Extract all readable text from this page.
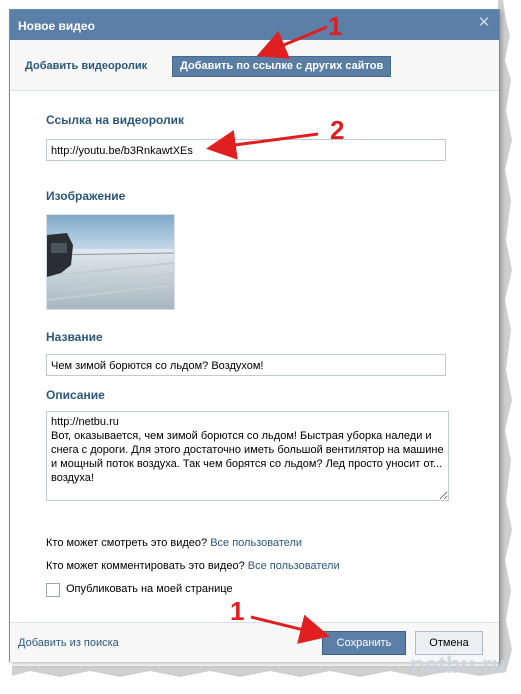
Новое видео	✕
Добавить видеоролик	Добавить по ссылке с других сайтов
Ссылка на видеоролик
http://youtu.be/b3RnkawtXEs
Изображение
Название
Чем зимой борются со льдом? Воздухом!
Описание
http://netbu.ru
Вот, оказывается, чем зимой борются со льдом! Быстрая уборка наледи и снега с дороги. Для этого достаточно иметь большой вентилятор на машине и мощный поток воздуха. Так чем борятся со льдом? Лед просто уносит от... воздуха!
Кто может смотреть это видео? Все пользователи
Кто может комментировать это видео? Все пользователи
Опубликовать на моей странице
Добавить из поиска	Сохранить	Отмена
netbu.ru
1
2
1
